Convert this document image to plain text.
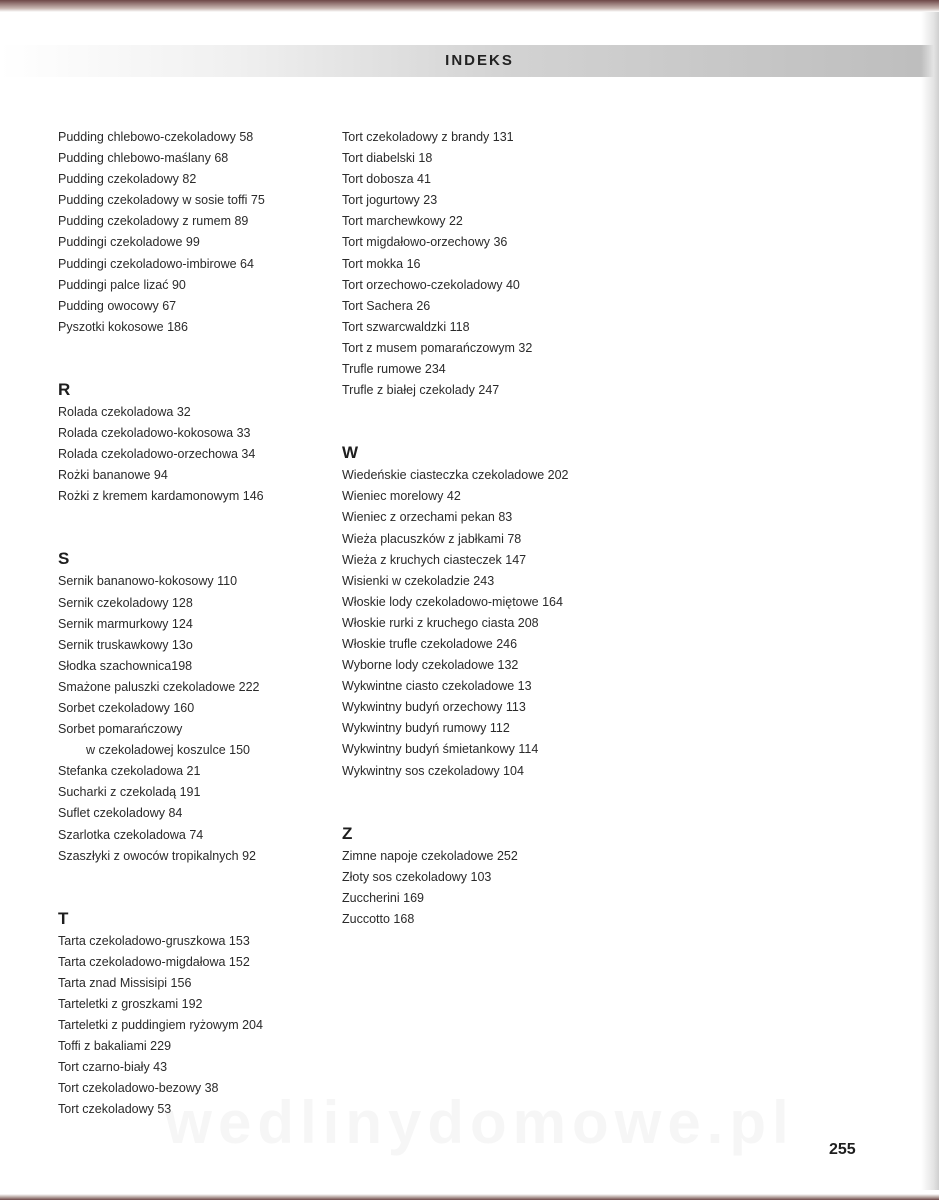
INDEKS
Pudding chlebowo-czekoladowy 58
Pudding chlebowo-maślany 68
Pudding czekoladowy 82
Pudding czekoladowy w sosie toffi 75
Pudding czekoladowy z rumem 89
Puddingi czekoladowe 99
Puddingi czekoladowo-imbirowe 64
Puddingi palce lizać 90
Pudding owocowy 67
Pyszotki kokosowe 186
R
Rolada czekoladowa 32
Rolada czekoladowo-kokosowa 33
Rolada czekoladowo-orzechowa 34
Rożki bananowe 94
Rożki z kremem kardamonowym 146
S
Sernik bananowo-kokosowy 110
Sernik czekoladowy 128
Sernik marmurkowy 124
Sernik truskawkowy 13o
Słodka szachownica198
Smażone paluszki czekoladowe 222
Sorbet czekoladowy 160
Sorbet pomarańczowy
w czekoladowej koszulce 150
Stefanka czekoladowa 21
Sucharki z czekoladą 191
Suflet czekoladowy 84
Szarlotka czekoladowa 74
Szaszłyki z owoców tropikalnych 92
T
Tarta czekoladowo-gruszkowa 153
Tarta czekoladowo-migdałowa 152
Tarta znad Missisipi 156
Tarteletki z groszkami 192
Tarteletki z puddingiem ryżowym 204
Toffi z bakaliami 229
Tort czarno-biały 43
Tort czekoladowo-bezowy 38
Tort czekoladowy 53
Tort czekoladowy z brandy 131
Tort diabelski 18
Tort dobosza 41
Tort jogurtowy 23
Tort marchewkowy 22
Tort migdałowo-orzechowy 36
Tort mokka 16
Tort orzechowo-czekoladowy 40
Tort Sachera 26
Tort szwarcwaldzki 118
Tort z musem pomarańczowym 32
Trufle rumowe 234
Trufle z białej czekolady 247
W
Wiedeńskie ciasteczka czekoladowe 202
Wieniec morelowy 42
Wieniec z orzechami pekan 83
Wieża placuszków z jabłkami 78
Wieża z kruchych ciasteczek 147
Wisienki w czekoladzie 243
Włoskie lody czekoladowo-miętowe 164
Włoskie rurki z kruchego ciasta 208
Włoskie trufle czekoladowe 246
Wyborne lody czekoladowe 132
Wykwintne ciasto czekoladowe 13
Wykwintny budyń orzechowy 113
Wykwintny budyń rumowy 112
Wykwintny budyń śmietankowy 114
Wykwintny sos czekoladowy 104
Z
Zimne napoje czekoladowe 252
Złoty sos czekoladowy 103
Zuccherini 169
Zuccotto 168
wedlinydomowe.pl	255
